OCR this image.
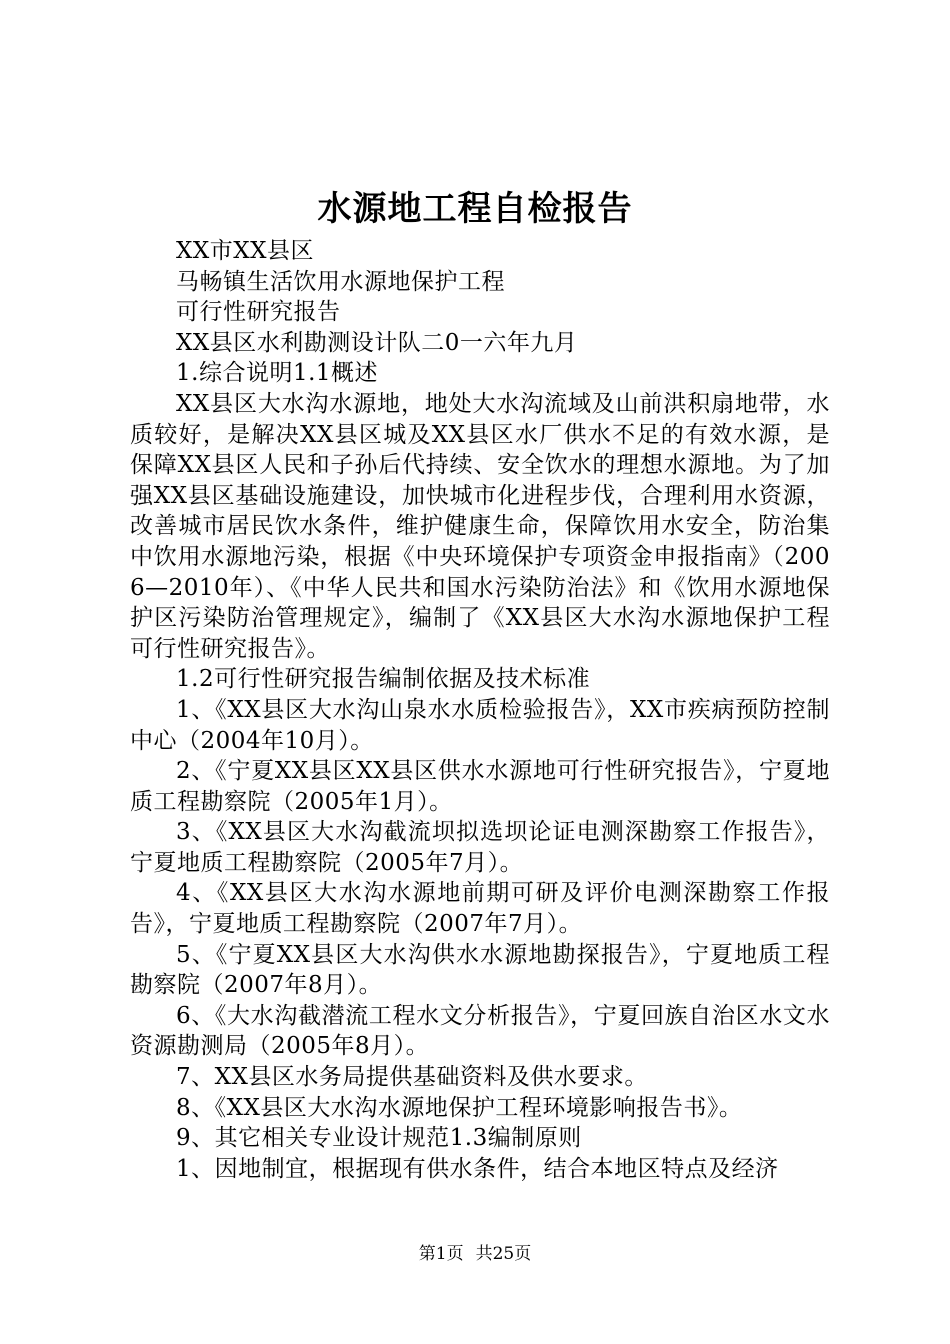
水源地工程自检报告

XX市XX县区

马畅镇生活饮用水源地保护工程

可行性研究报告

XX县区水利勘测设计队二0一六年九月

1.综合说明1.1概述

XX县区大水沟水源地，地处大水沟流域及山前洪积扇地带，水质较好，是解决XX县区城及XX县区水厂供水不足的有效水源，是保障XX县区人民和子孙后代持续、安全饮水的理想水源地。为了加强XX县区基础设施建设，加快城市化进程步伐，合理利用水资源，改善城市居民饮水条件，维护健康生命，保障饮用水安全，防治集中饮用水源地污染，根据《中央环境保护专项资金申报指南》（2006—2010年）、《中华人民共和国水污染防治法》和《饮用水源地保护区污染防治管理规定》，编制了《XX县区大水沟水源地保护工程可行性研究报告》。

1.2可行性研究报告编制依据及技术标准

1、《XX县区大水沟山泉水水质检验报告》，XX市疾病预防控制中心（2004年10月）。

2、《宁夏XX县区XX县区供水水源地可行性研究报告》，宁夏地质工程勘察院（2005年1月）。

3、《XX县区大水沟截流坝拟选坝论证电测深勘察工作报告》，宁夏地质工程勘察院（2005年7月）。

4、《XX县区大水沟水源地前期可研及评价电测深勘察工作报告》，宁夏地质工程勘察院（2007年7月）。

5、《宁夏XX县区大水沟供水水源地勘探报告》，宁夏地质工程勘察院（2007年8月）。

6、《大水沟截潜流工程水文分析报告》，宁夏回族自治区水文水资源勘测局（2005年8月）。

7、XX县区水务局提供基础资料及供水要求。

8、《XX县区大水沟水源地保护工程环境影响报告书》。

9、其它相关专业设计规范1.3编制原则

1、因地制宜，根据现有供水条件，结合本地区特点及经济

第1页 共25页
